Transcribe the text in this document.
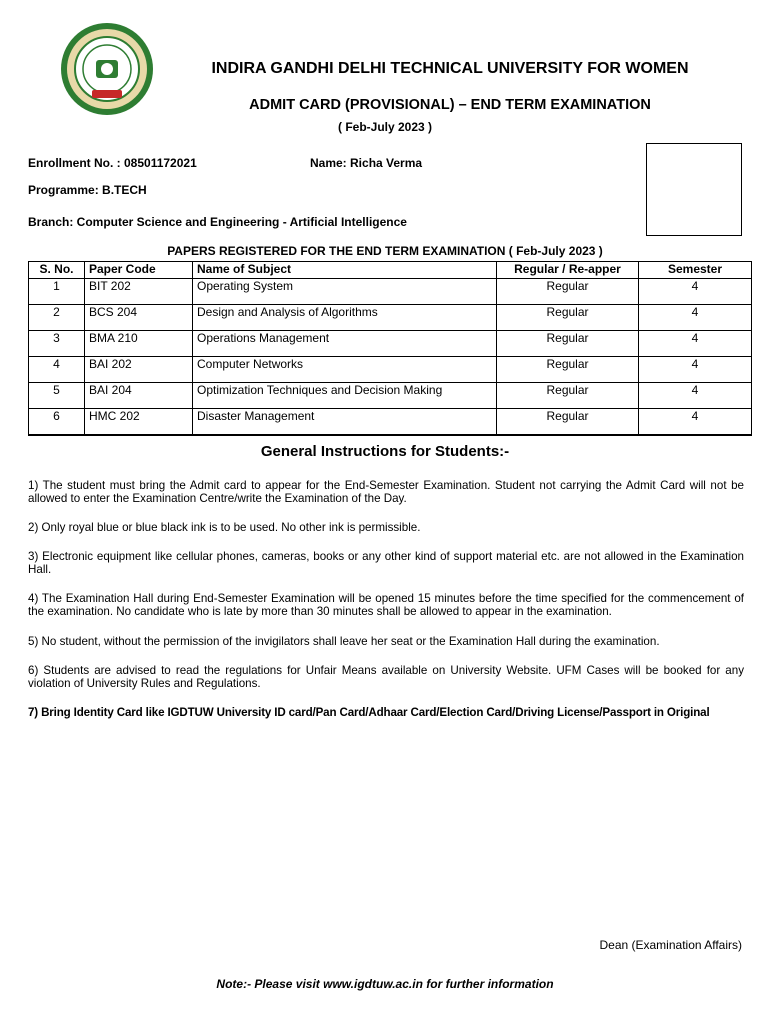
INDIRA GANDHI DELHI TECHNICAL UNIVERSITY FOR WOMEN
ADMIT CARD (PROVISIONAL) – END TERM EXAMINATION
( Feb-July 2023 )
Enrollment No. : 08501172021	Name: Richa Verma
Programme: B.TECH
Branch: Computer Science and Engineering - Artificial Intelligence
PAPERS REGISTERED FOR THE END TERM EXAMINATION ( Feb-July 2023 )
S. No.	Paper Code	Name of Subject	Regular / Re-apper	Semester
1	BIT 202	Operating System	Regular	4
2	BCS 204	Design and Analysis of Algorithms	Regular	4
3	BMA 210	Operations Management	Regular	4
4	BAI 202	Computer Networks	Regular	4
5	BAI 204	Optimization Techniques and Decision Making	Regular	4
6	HMC 202	Disaster Management	Regular	4
General Instructions for Students:-
1) The student must bring the Admit card to appear for the End-Semester Examination. Student not carrying the Admit Card will not be allowed to enter the Examination Centre/write the Examination of the Day.
2) Only royal blue or blue black ink is to be used. No other ink is permissible.
3) Electronic equipment like cellular phones, cameras, books or any other kind of support material etc. are not allowed in the Examination Hall.
4) The Examination Hall during End-Semester Examination will be opened 15 minutes before the time specified for the commencement of the examination. No candidate who is late by more than 30 minutes shall be allowed to appear in the examination.
5) No student, without the permission of the invigilators shall leave her seat or the Examination Hall during the examination.
6) Students are advised to read the regulations for Unfair Means available on University Website. UFM Cases will be booked for any violation of University Rules and Regulations.
7) Bring Identity Card like IGDTUW University ID card/Pan Card/Adhaar Card/Election Card/Driving License/Passport in Original
Dean (Examination Affairs)
Note:- Please visit www.igdtuw.ac.in for further information
